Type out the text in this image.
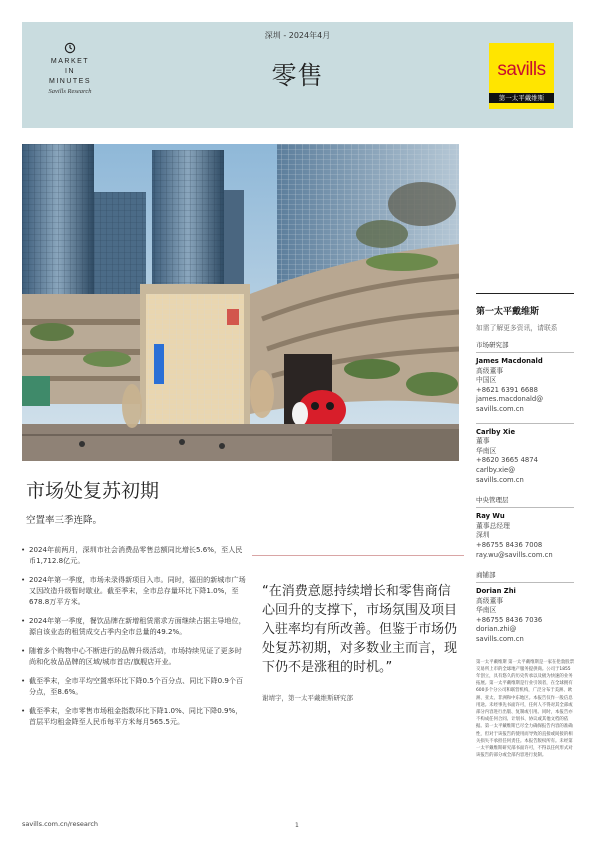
MARKET
IN
MINUTES
Savills Research
深圳 - 2024年4月
零售	savills
第一太平戴维斯
市场处复苏初期
空置率三季连降。
• 2024年前两月，深圳市社会消费品零售总额同比增长5.6%，至人民币1,712.8亿元。
• 2024年第一季度，市场未录得新项目入市。同时，福田的新城市广场又因改造升级暂时歇业。截至季末，全市总存量环比下降1.0%，至678.8万平方米。
• 2024年第一季度，餐饮品牌在新增租赁需求方面继续占据主导地位，源自该业态的租赁成交占季内全市总量的49.2%。
• 随着多个购物中心不断进行的品牌升级活动，市场持续见证了更多时尚和化妆品品牌的区域/城市首店/旗舰店开业。
• 截至季末，全市平均空置率环比下降0.5个百分点、同比下降0.9个百分点，至8.6%。
• 截至季末，全市零售市场租金指数环比下降1.0%、同比下降0.9%，首层平均租金降至人民币每平方米每月565.5元。
“在消费意愿持续增长和零售商信心回升的支撑下，市场氛围及项目入驻率均有所改善。但鉴于市场仍处复苏初期，对多数业主而言，现下仍不是涨租的时机。”
谢靖宇，第一太平戴维斯研究部
第一太平戴维斯
如需了解更多资讯，请联系
市场研究部
James Macdonald
高级董事
中国区
+8621 6391 6688
james.macdonald@
savills.com.cn
Carlby Xie
董事
华南区
+8620 3665 4874
carlby.xie@
savills.com.cn
中央管理层
Ray Wu
董事总经理
深圳
+86755 8436 7008
ray.wu@savills.com.cn
商铺部
Dorian Zhi
高级董事
华南区
+86755 8436 7036
dorian.zhi@
savills.com.cn
第一太平戴维斯 第一太平戴维斯是一家在伦敦股票交易所上市的全球地产服务提供商。公司于1855年创立，具有悠久的历史传承以及极为快速的业务拓展。第一太平戴维斯是行业引领者，在全球拥有600多个分公司和联营机构，广泛分布于美洲、欧洲、亚太、非洲和中东地区。本报告仅作一般信息用途。未经事先书面许可，任何人不得对其全部或部分内容进行出版、复制或引用。同时，本报告亦不构成任何合同、计划书、协议或其他文档的依据。第一太平戴维斯已尽全力确保报告内容的准确性，但对于该报告的使用而导致的直接或间接的相关损失不承担任何责任。本报告版权所有。未经第一太平戴维斯研究部书面许可，不得以任何形式对该报告的部分或全部内容进行复制。
savills.com.cn/research	1
